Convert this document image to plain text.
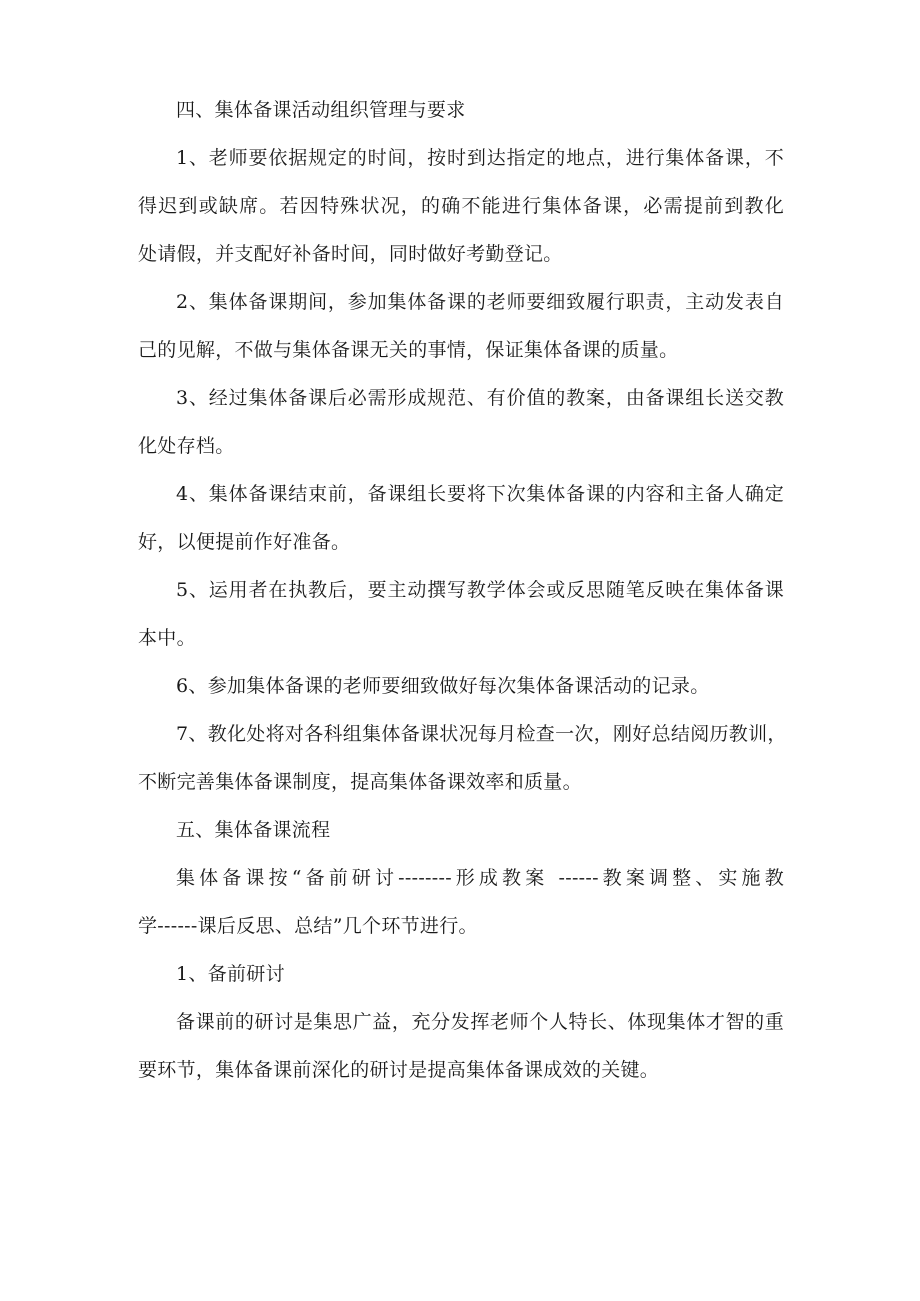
四、集体备课活动组织管理与要求
1、老师要依据规定的时间，按时到达指定的地点，进行集体备课，不
得迟到或缺席。若因特殊状况，的确不能进行集体备课，必需提前到教化
处请假，并支配好补备时间，同时做好考勤登记。
2、集体备课期间，参加集体备课的老师要细致履行职责，主动发表自
己的见解，不做与集体备课无关的事情，保证集体备课的质量。
3、经过集体备课后必需形成规范、有价值的教案，由备课组长送交教
化处存档。
4、集体备课结束前，备课组长要将下次集体备课的内容和主备人确定
好，以便提前作好准备。
5、运用者在执教后，要主动撰写教学体会或反思随笔反映在集体备课
本中。
6、参加集体备课的老师要细致做好每次集体备课活动的记录。
7、教化处将对各科组集体备课状况每月检查一次，刚好总结阅历教训，
不断完善集体备课制度，提高集体备课效率和质量。
五、集体备课流程
集体备课按“备前研讨--------形成教案 ------教案调整、实施教
学------课后反思、总结”几个环节进行。
1、备前研讨
备课前的研讨是集思广益，充分发挥老师个人特长、体现集体才智的重
要环节，集体备课前深化的研讨是提高集体备课成效的关键。
